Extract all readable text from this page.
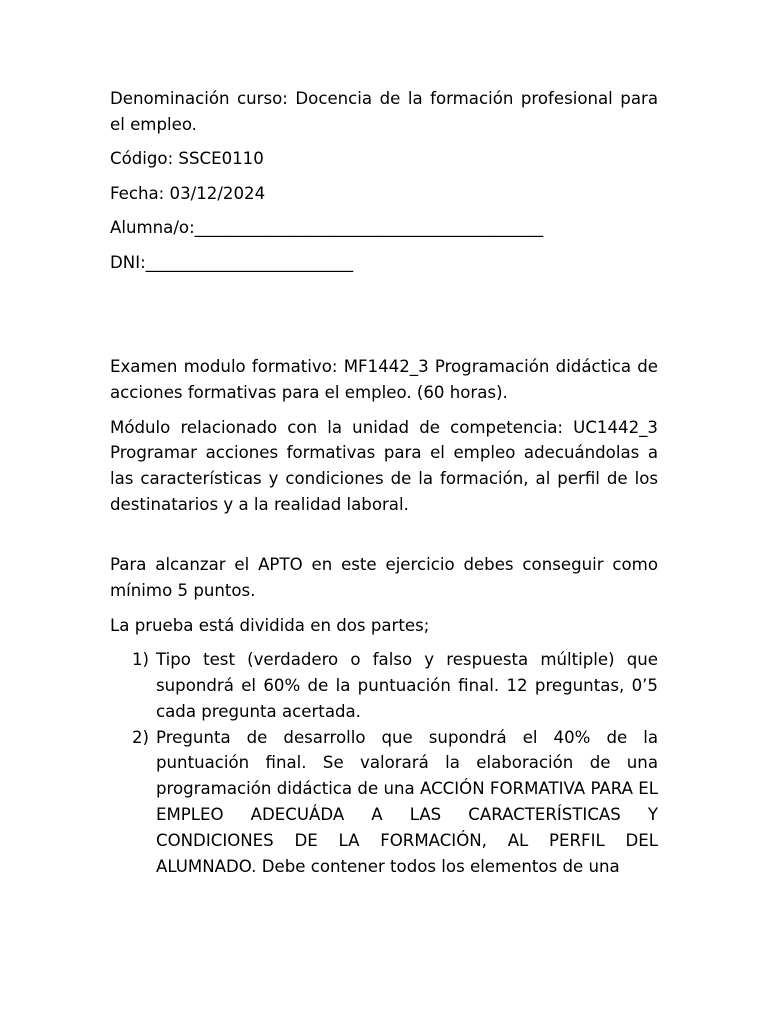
Denominación curso: Docencia de la formación profesional para el empleo.

Código: SSCE0110

Fecha: 03/12/2024

Alumna/o:__________________________________________

DNI:_________________________

Examen modulo formativo: MF1442_3 Programación didáctica de acciones formativas para el empleo. (60 horas).

Módulo relacionado con la unidad de competencia: UC1442_3 Programar acciones formativas para el empleo adecuándolas a las características y condiciones de la formación, al perfil de los destinatarios y a la realidad laboral.

Para alcanzar el APTO en este ejercicio debes conseguir como mínimo 5 puntos.

La prueba está dividida en dos partes;

1) Tipo test (verdadero o falso y respuesta múltiple) que supondrá el 60% de la puntuación final. 12 preguntas, 0’5 cada pregunta acertada.
2) Pregunta de desarrollo que supondrá el 40% de la puntuación final. Se valorará la elaboración de una programación didáctica de una ACCIÓN FORMATIVA PARA EL EMPLEO ADECUÁDA A LAS CARACTERÍSTICAS Y CONDICIONES DE LA FORMACIÓN, AL PERFIL DEL ALUMNADO. Debe contener todos los elementos de una
